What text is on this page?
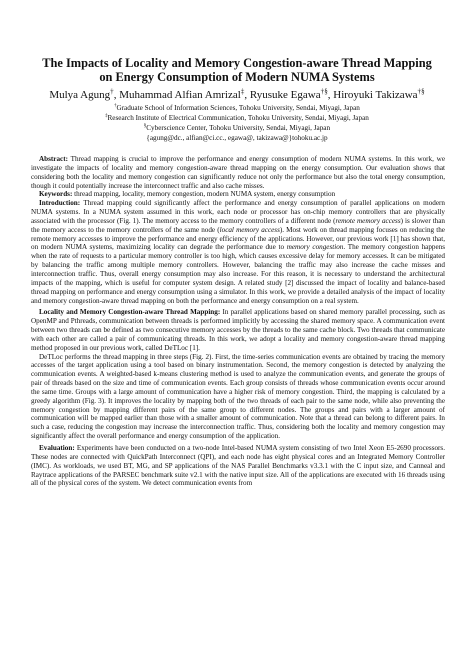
The Impacts of Locality and Memory Congestion-aware Thread Mapping
on Energy Consumption of Modern NUMA Systems
Mulya Agung†, Muhammad Alfian Amrizal‡, Ryusuke Egawa†§, Hiroyuki Takizawa†§
†Graduate School of Information Sciences, Tohoku University, Sendai, Miyagi, Japan
‡Research Institute of Electrical Communication, Tohoku University, Sendai, Miyagi, Japan
§Cyberscience Center, Tohoku University, Sendai, Miyagi, Japan
{agung@dc., alfian@ci.cc., egawa@, takizawa@}tohoku.ac.jp

Abstract: Thread mapping is crucial to improve the performance and energy consumption of modern NUMA systems. In this work, we investigate the impacts of locality and memory congestion-aware thread mapping on the energy consumption. Our evaluation shows that considering both the locality and memory congestion can significantly reduce not only the performance but also the total energy consumption, though it could potentially increase the interconnect traffic and also cache misses.

Keywords: thread mapping, locality, memory congestion, modern NUMA system, energy consumption

Introduction: Thread mapping could significantly affect the performance and energy consumption of parallel applications on modern NUMA systems. In a NUMA system assumed in this work, each node or processor has on-chip memory controllers that are physically associated with the processor (Fig. 1). The memory access to the memory controllers of a different node (remote memory access) is slower than the memory access to the memory controllers of the same node (local memory access). Most work on thread mapping focuses on reducing the remote memory accesses to improve the performance and energy efficiency of the applications. However, our previous work [1] has shown that, on modern NUMA systems, maximizing locality can degrade the performance due to memory congestion. The memory congestion happens when the rate of requests to a particular memory controller is too high, which causes excessive delay for memory accesses. It can be mitigated by balancing the traffic among multiple memory controllers. However, balancing the traffic may also increase the cache misses and interconnection traffic. Thus, overall energy consumption may also increase. For this reason, it is necessary to understand the architectural impacts of the mapping, which is useful for computer system design. A related study [2] discussed the impact of locality and balance-based thread mapping on performance and energy consumption using a simulator. In this work, we provide a detailed analysis of the impact of locality and memory congestion-aware thread mapping on both the performance and energy consumption on a real system.

Locality and Memory Congestion-aware Thread Mapping: In parallel applications based on shared memory parallel processing, such as OpenMP and Pthreads, communication between threads is performed implicitly by accessing the shared memory space. A communication event between two threads can be defined as two consecutive memory accesses by the threads to the same cache block. Two threads that communicate with each other are called a pair of communicating threads. In this work, we adopt a locality and memory congestion-aware thread mapping method proposed in our previous work, called DeTLoc [1].

DeTLoc performs the thread mapping in three steps (Fig. 2). First, the time-series communication events are obtained by tracing the memory accesses of the target application using a tool based on binary instrumentation. Second, the memory congestion is detected by analyzing the communication events. A weighted-based k-means clustering method is used to analyze the communication events, and generate the groups of pair of threads based on the size and time of communication events. Each group consists of threads whose communication events occur around the same time. Groups with a large amount of communication have a higher risk of memory congestion. Third, the mapping is calculated by a greedy algorithm (Fig. 3). It improves the locality by mapping both of the two threads of each pair to the same node, while also preventing the memory congestion by mapping different pairs of the same group to different nodes. The groups and pairs with a larger amount of communication will be mapped earlier than those with a smaller amount of communication. Note that a thread can belong to different pairs. In such a case, reducing the congestion may increase the interconnection traffic. Thus, considering both the locality and memory congestion may significantly affect the overall performance and energy consumption of the application.

Evaluation: Experiments have been conducted on a two-node Intel-based NUMA system consisting of two Intel Xeon E5-2690 processors. These nodes are connected with QuickPath Interconnect (QPI), and each node has eight physical cores and an Integrated Memory Controller (IMC). As workloads, we used BT, MG, and SP applications of the NAS Parallel Benchmarks v3.3.1 with the C input size, and Canneal and Raytrace applications of the PARSEC benchmark suite v2.1 with the native input size. All of the applications are executed with 16 threads using all of the physical cores of the system. We detect communication events from
